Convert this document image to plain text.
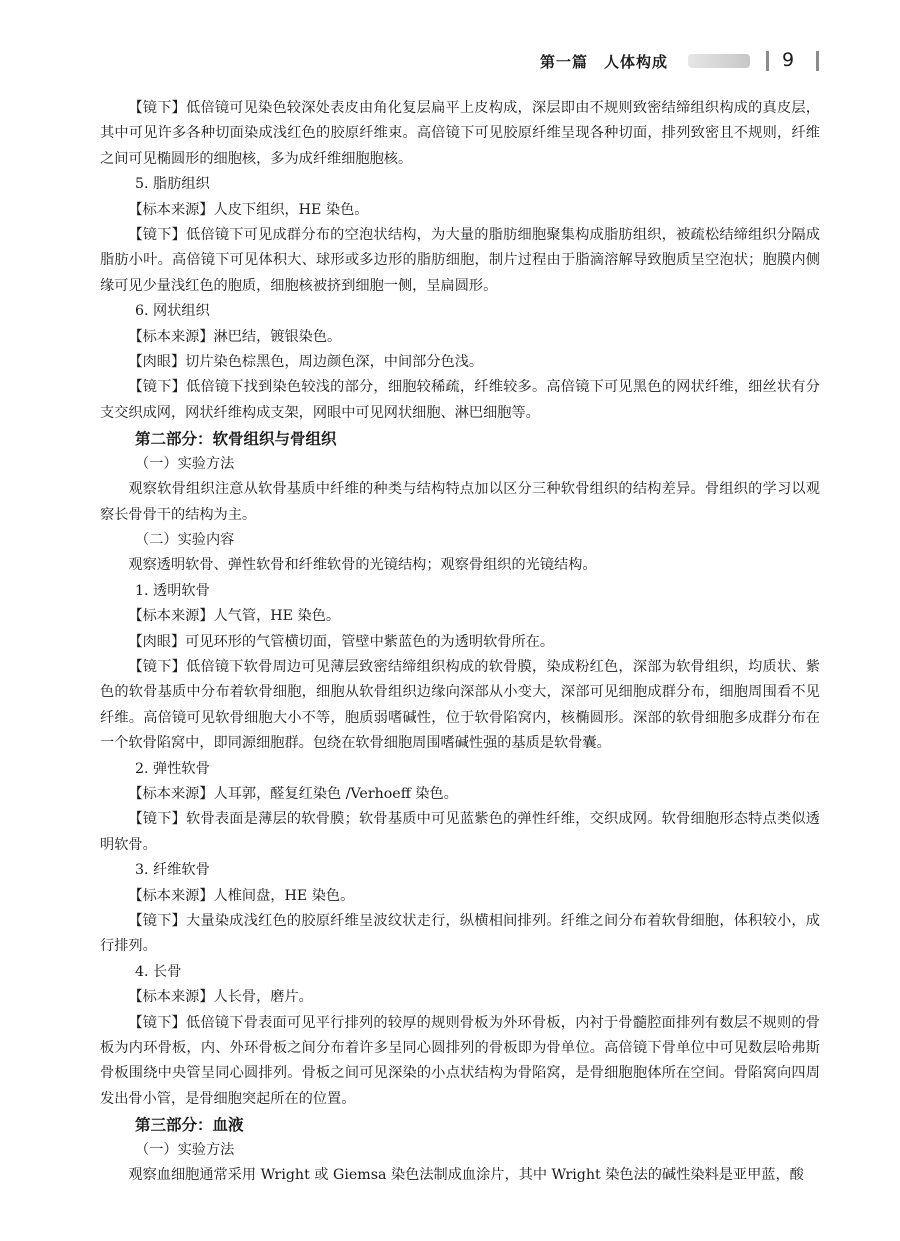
第一篇　人体构成	9

【镜下】低倍镜可见染色较深处表皮由角化复层扁平上皮构成，深层即由不规则致密结缔组织构成的真皮层，其中可见许多各种切面染成浅红色的胶原纤维束。高倍镜下可见胶原纤维呈现各种切面，排列致密且不规则，纤维之间可见椭圆形的细胞核，多为成纤维细胞胞核。

5. 脂肪组织

【标本来源】人皮下组织，HE 染色。

【镜下】低倍镜下可见成群分布的空泡状结构，为大量的脂肪细胞聚集构成脂肪组织，被疏松结缔组织分隔成脂肪小叶。高倍镜下可见体积大、球形或多边形的脂肪细胞，制片过程由于脂滴溶解导致胞质呈空泡状；胞膜内侧缘可见少量浅红色的胞质，细胞核被挤到细胞一侧，呈扁圆形。

6. 网状组织

【标本来源】淋巴结，镀银染色。

【肉眼】切片染色棕黑色，周边颜色深，中间部分色浅。

【镜下】低倍镜下找到染色较浅的部分，细胞较稀疏，纤维较多。高倍镜下可见黑色的网状纤维，细丝状有分支交织成网，网状纤维构成支架，网眼中可见网状细胞、淋巴细胞等。

第二部分：软骨组织与骨组织

（一）实验方法

观察软骨组织注意从软骨基质中纤维的种类与结构特点加以区分三种软骨组织的结构差异。骨组织的学习以观察长骨骨干的结构为主。

（二）实验内容

观察透明软骨、弹性软骨和纤维软骨的光镜结构；观察骨组织的光镜结构。

1. 透明软骨

【标本来源】人气管，HE 染色。

【肉眼】可见环形的气管横切面，管壁中紫蓝色的为透明软骨所在。

【镜下】低倍镜下软骨周边可见薄层致密结缔组织构成的软骨膜，染成粉红色，深部为软骨组织，均质状、紫色的软骨基质中分布着软骨细胞，细胞从软骨组织边缘向深部从小变大，深部可见细胞成群分布，细胞周围看不见纤维。高倍镜可见软骨细胞大小不等，胞质弱嗜碱性，位于软骨陷窝内，核椭圆形。深部的软骨细胞多成群分布在一个软骨陷窝中，即同源细胞群。包绕在软骨细胞周围嗜碱性强的基质是软骨囊。

2. 弹性软骨

【标本来源】人耳郭，醛复红染色 /Verhoeff 染色。

【镜下】软骨表面是薄层的软骨膜；软骨基质中可见蓝紫色的弹性纤维，交织成网。软骨细胞形态特点类似透明软骨。

3. 纤维软骨

【标本来源】人椎间盘，HE 染色。

【镜下】大量染成浅红色的胶原纤维呈波纹状走行，纵横相间排列。纤维之间分布着软骨细胞，体积较小，成行排列。

4. 长骨

【标本来源】人长骨，磨片。

【镜下】低倍镜下骨表面可见平行排列的较厚的规则骨板为外环骨板，内衬于骨髓腔面排列有数层不规则的骨板为内环骨板，内、外环骨板之间分布着许多呈同心圆排列的骨板即为骨单位。高倍镜下骨单位中可见数层哈弗斯骨板围绕中央管呈同心圆排列。骨板之间可见深染的小点状结构为骨陷窝，是骨细胞胞体所在空间。骨陷窝向四周发出骨小管，是骨细胞突起所在的位置。

第三部分：血液

（一）实验方法

观察血细胞通常采用 Wright 或 Giemsa 染色法制成血涂片，其中 Wright 染色法的碱性染料是亚甲蓝，酸
